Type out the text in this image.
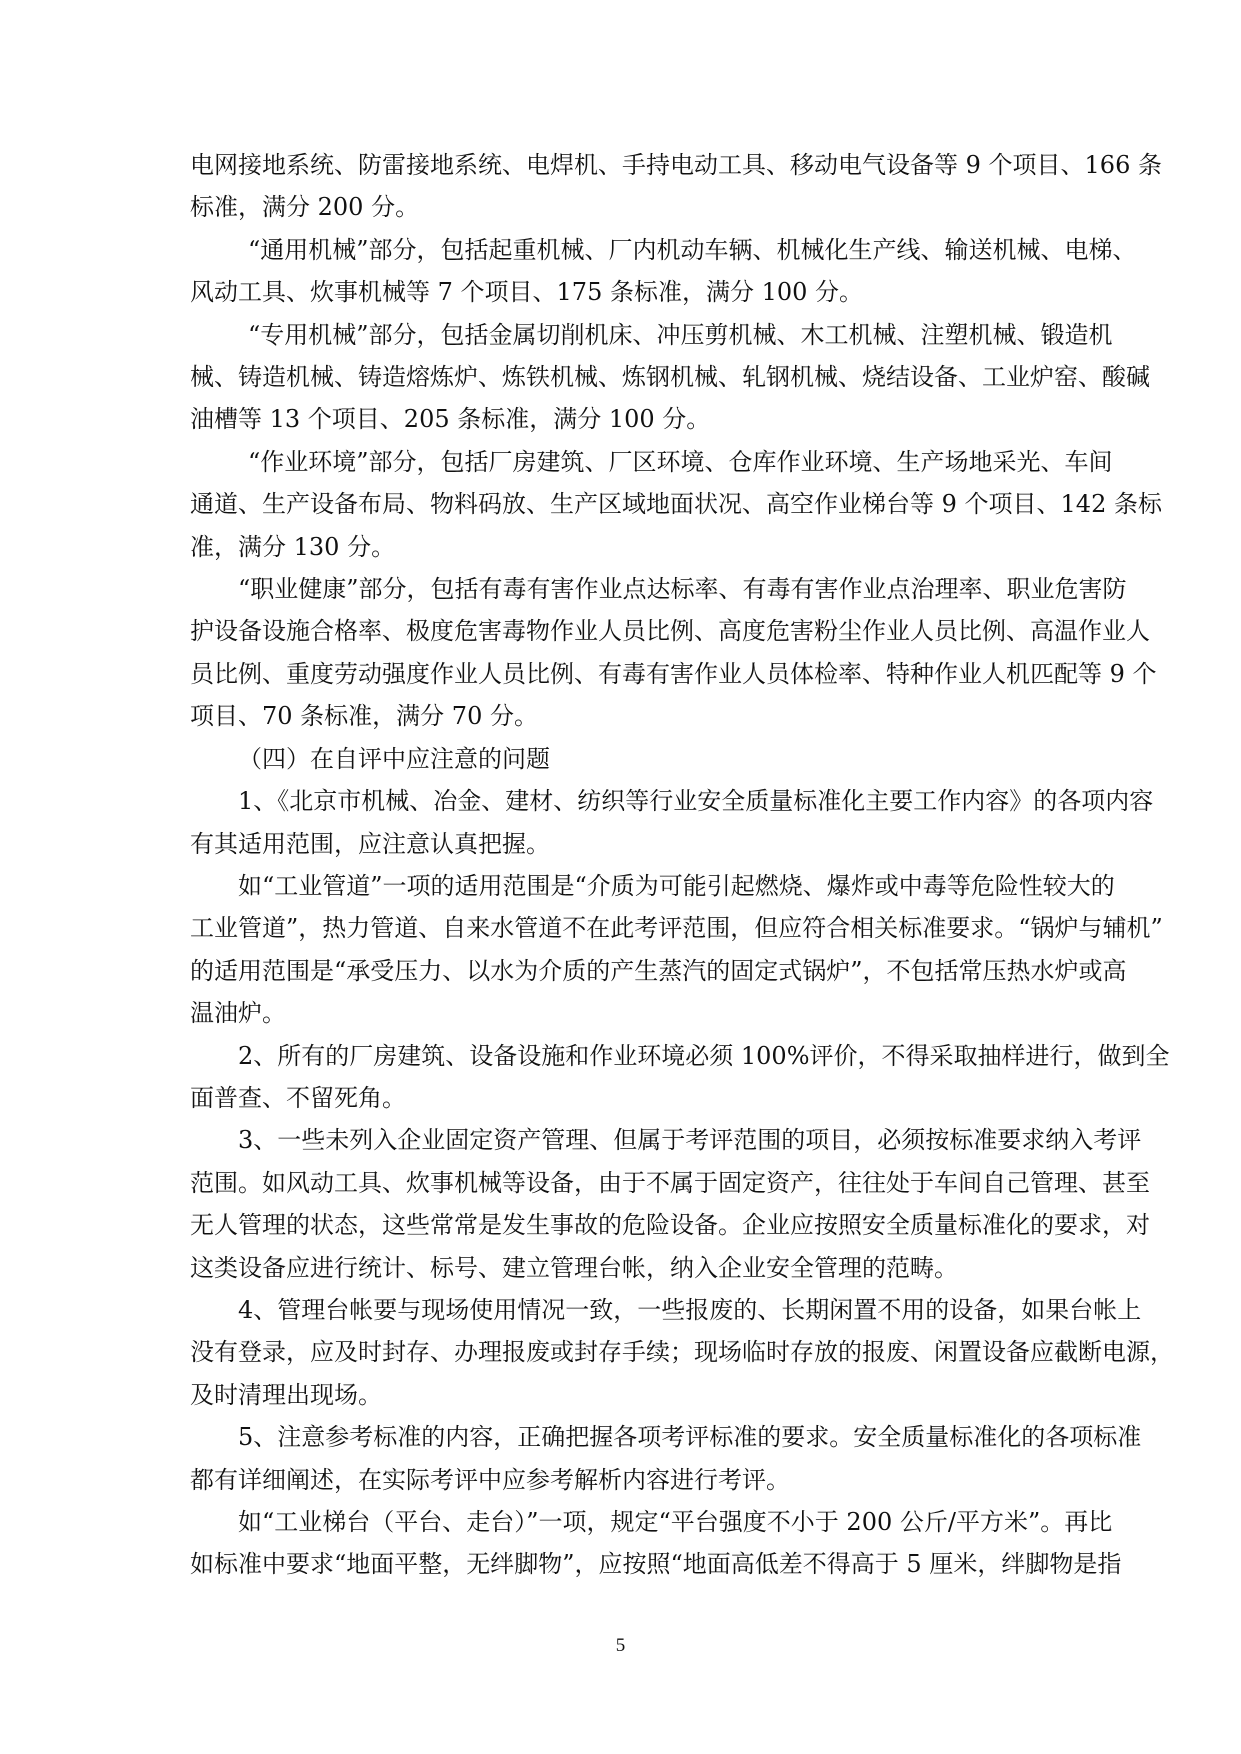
电网接地系统、防雷接地系统、电焊机、手持电动工具、移动电气设备等 9 个项目、166 条
标准，满分 200 分。
“通用机械”部分，包括起重机械、厂内机动车辆、机械化生产线、输送机械、电梯、
风动工具、炊事机械等 7 个项目、175 条标准，满分 100 分。
“专用机械”部分，包括金属切削机床、冲压剪机械、木工机械、注塑机械、锻造机
械、铸造机械、铸造熔炼炉、炼铁机械、炼钢机械、轧钢机械、烧结设备、工业炉窑、酸碱
油槽等 13 个项目、205 条标准，满分 100 分。
“作业环境”部分，包括厂房建筑、厂区环境、仓库作业环境、生产场地采光、车间
通道、生产设备布局、物料码放、生产区域地面状况、高空作业梯台等 9 个项目、142 条标
准，满分 130 分。
“职业健康”部分，包括有毒有害作业点达标率、有毒有害作业点治理率、职业危害防
护设备设施合格率、极度危害毒物作业人员比例、高度危害粉尘作业人员比例、高温作业人
员比例、重度劳动强度作业人员比例、有毒有害作业人员体检率、特种作业人机匹配等 9 个
项目、70 条标准，满分 70 分。
（四）在自评中应注意的问题
1、《北京市机械、冶金、建材、纺织等行业安全质量标准化主要工作内容》的各项内容
有其适用范围，应注意认真把握。
如“工业管道”一项的适用范围是“介质为可能引起燃烧、爆炸或中毒等危险性较大的
工业管道”，热力管道、自来水管道不在此考评范围，但应符合相关标准要求。“锅炉与辅机”
的适用范围是“承受压力、以水为介质的产生蒸汽的固定式锅炉”，不包括常压热水炉或高
温油炉。
2、所有的厂房建筑、设备设施和作业环境必须 100%评价，不得采取抽样进行，做到全
面普查、不留死角。
3、一些未列入企业固定资产管理、但属于考评范围的项目，必须按标准要求纳入考评
范围。如风动工具、炊事机械等设备，由于不属于固定资产，往往处于车间自己管理、甚至
无人管理的状态，这些常常是发生事故的危险设备。企业应按照安全质量标准化的要求，对
这类设备应进行统计、标号、建立管理台帐，纳入企业安全管理的范畴。
4、管理台帐要与现场使用情况一致，一些报废的、长期闲置不用的设备，如果台帐上
没有登录，应及时封存、办理报废或封存手续；现场临时存放的报废、闲置设备应截断电源，
及时清理出现场。
5、注意参考标准的内容，正确把握各项考评标准的要求。安全质量标准化的各项标准
都有详细阐述，在实际考评中应参考解析内容进行考评。
如“工业梯台（平台、走台）”一项，规定“平台强度不小于 200 公斤/平方米”。再比
如标准中要求“地面平整，无绊脚物”，应按照“地面高低差不得高于 5 厘米，绊脚物是指
5
